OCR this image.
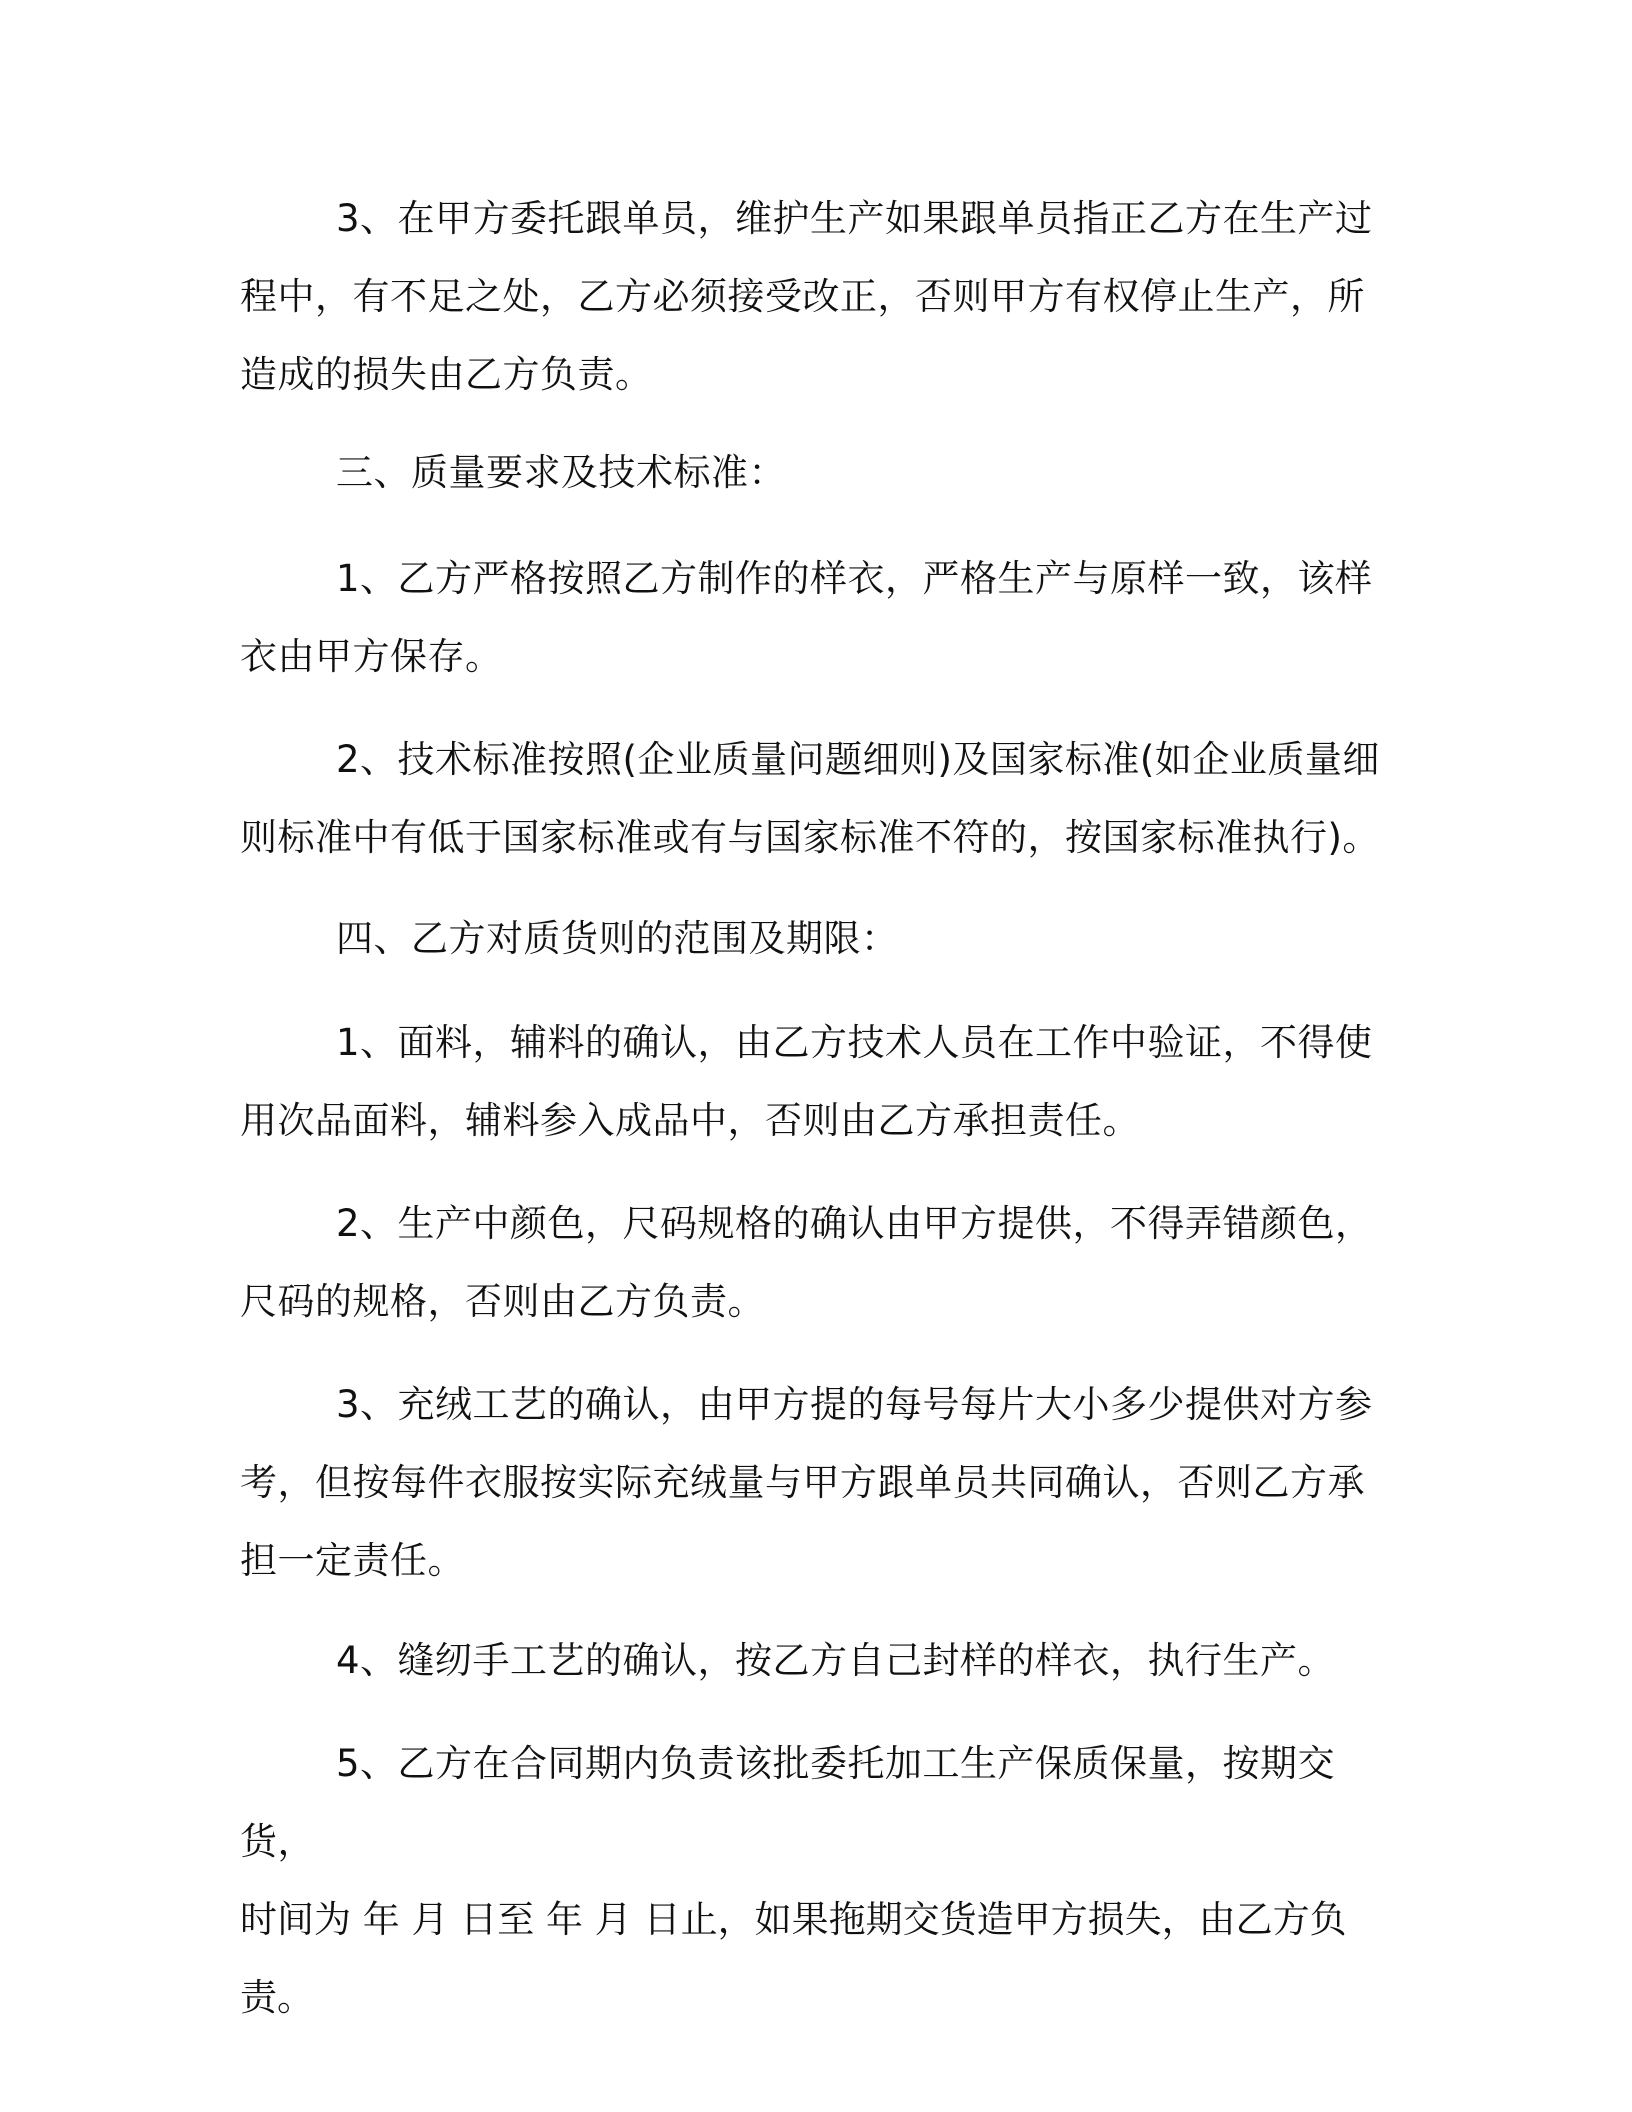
3、在甲方委托跟单员，维护生产如果跟单员指正乙方在生产过
程中，有不足之处，乙方必须接受改正，否则甲方有权停止生产，所
造成的损失由乙方负责。
三、质量要求及技术标准：
1、乙方严格按照乙方制作的样衣，严格生产与原样一致，该样
衣由甲方保存。
2、技术标准按照(企业质量问题细则)及国家标准(如企业质量细
则标准中有低于国家标准或有与国家标准不符的，按国家标准执行)。
四、乙方对质货则的范围及期限：
1、面料，辅料的确认，由乙方技术人员在工作中验证，不得使
用次品面料，辅料参入成品中，否则由乙方承担责任。
2、生产中颜色，尺码规格的确认由甲方提供，不得弄错颜色，
尺码的规格，否则由乙方负责。
3、充绒工艺的确认，由甲方提的每号每片大小多少提供对方参
考，但按每件衣服按实际充绒量与甲方跟单员共同确认，否则乙方承
担一定责任。
4、缝纫手工艺的确认，按乙方自己封样的样衣，执行生产。
5、乙方在合同期内负责该批委托加工生产保质保量，按期交货，
时间为 年 月 日至 年 月 日止，如果拖期交货造甲方损失，由乙方负责。
